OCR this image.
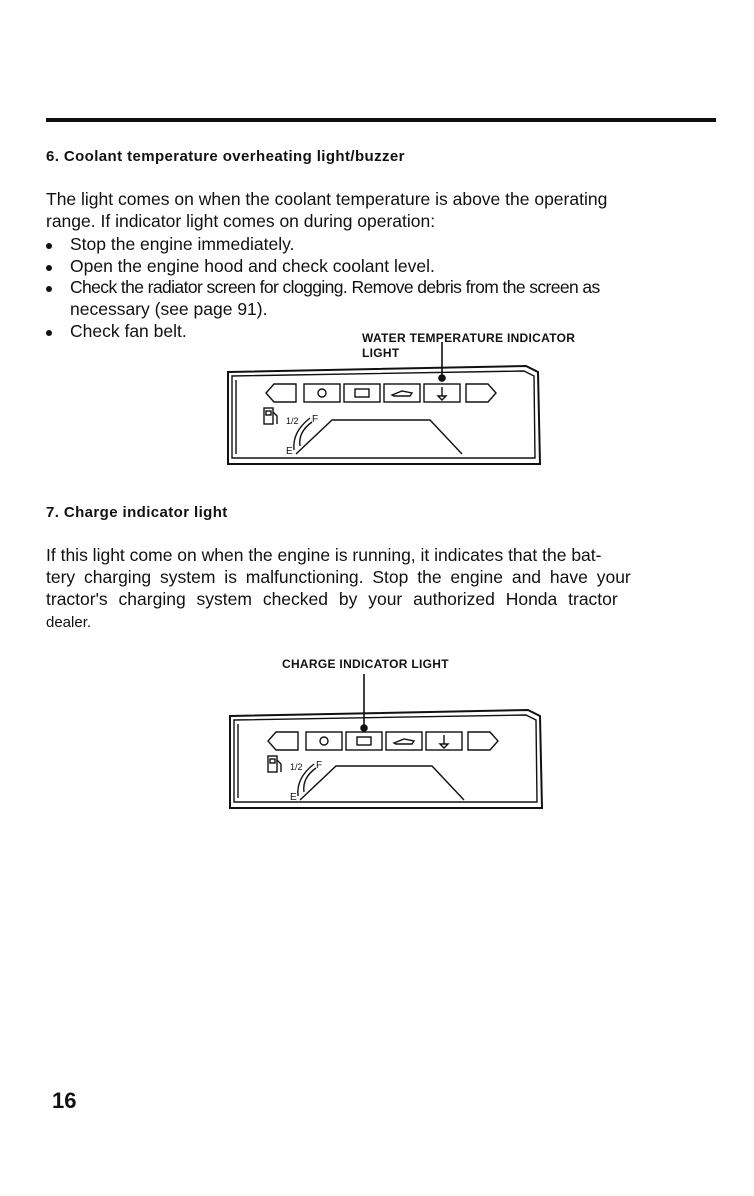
6. Coolant temperature overheating light/buzzer
The light comes on when the coolant temperature is above the operating
range. If indicator light comes on during operation:
Stop the engine immediately.
Open the engine hood and check coolant level.
Check the radiator screen for clogging. Remove debris from the screen as
necessary (see page 91).
Check fan belt.	WATER TEMPERATURE INDICATOR
LIGHT
1/2 F
E
7. Charge indicator light
If this light come on when the engine is running, it indicates that the bat-
tery charging system is malfunctioning. Stop the engine and have your
tractor's charging system checked by your authorized Honda tractor
dealer.
CHARGE INDICATOR LIGHT
1/2 F
E
16
